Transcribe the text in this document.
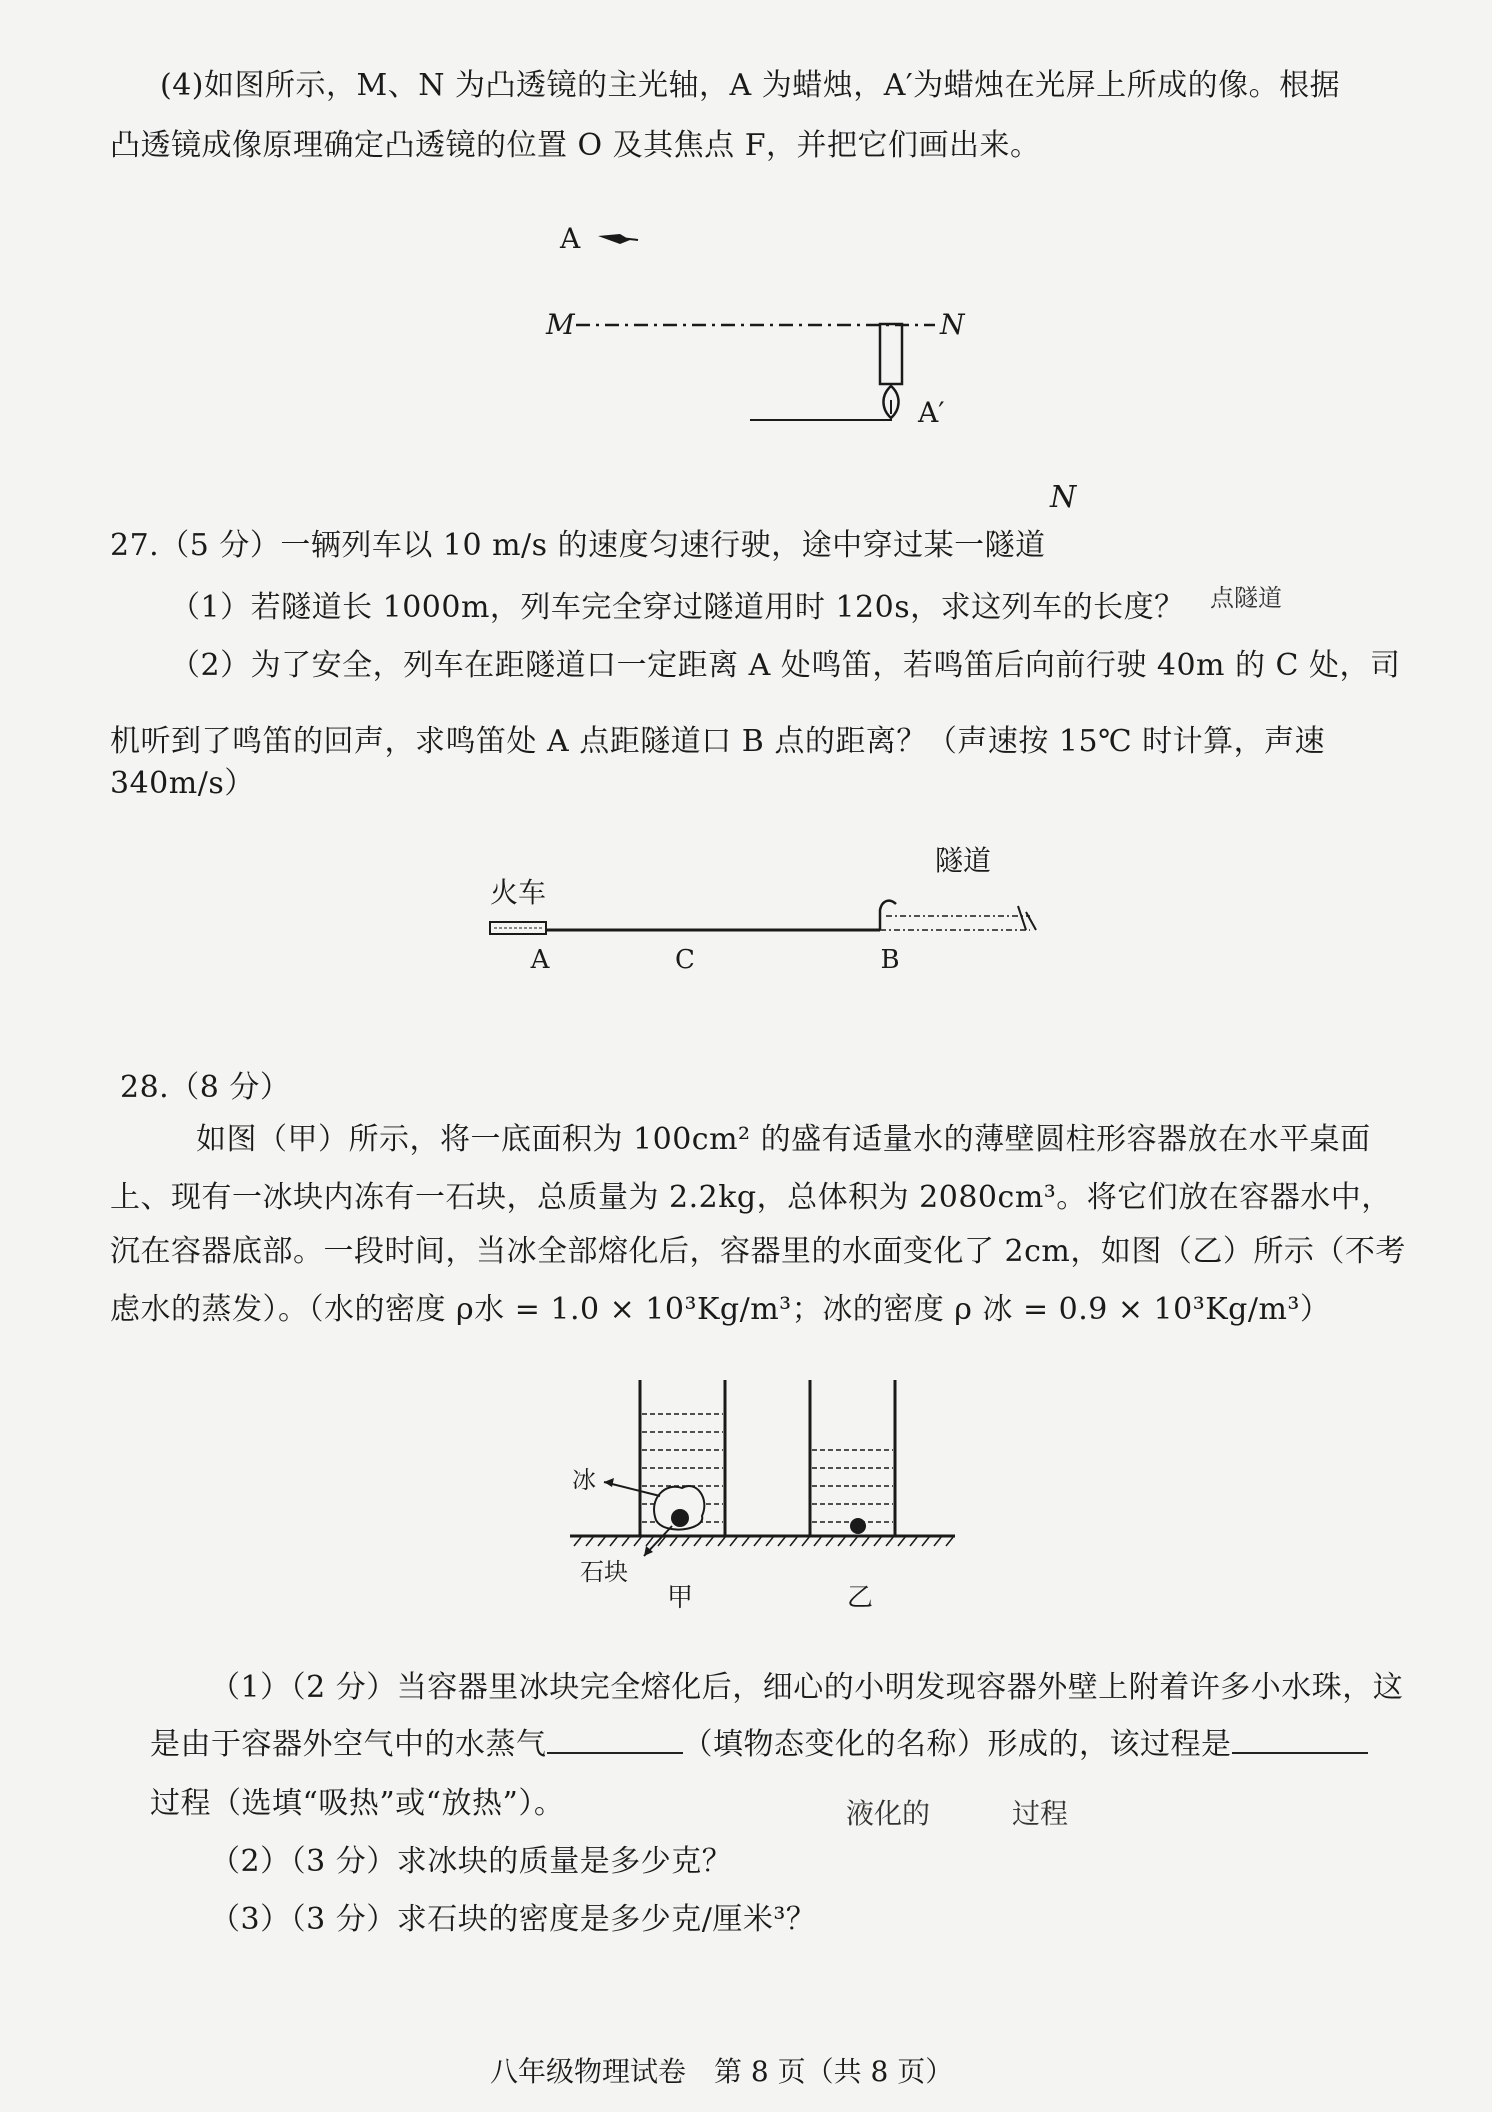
(4)如图所示，M、N 为凸透镜的主光轴，A 为蜡烛，A′为蜡烛在光屏上所成的像。根据
凸透镜成像原理确定凸透镜的位置 O 及其焦点 F，并把它们画出来。
A
M	N
A′
N
27.（5 分）一辆列车以 10 m/s 的速度匀速行驶，途中穿过某一隧道
（1）若隧道长 1000m，列车完全穿过隧道用时 120s，求这列车的长度？ 点隧道
（2）为了安全，列车在距隧道口一定距离 A 处鸣笛，若鸣笛后向前行驶 40m 的 C 处，司
机听到了鸣笛的回声，求鸣笛处 A 点距隧道口 B 点的距离？（声速按 15℃ 时计算，声速
340m/s）
火车
隧道
A	C	B
28.（8 分）
如图（甲）所示，将一底面积为 100cm² 的盛有适量水的薄壁圆柱形容器放在水平桌面
上、现有一冰块内冻有一石块，总质量为 2.2kg，总体积为 2080cm³。将它们放在容器水中，
沉在容器底部。一段时间，当冰全部熔化后，容器里的水面变化了 2cm，如图（乙）所示（不考
虑水的蒸发）。（水的密度 ρ水 = 1.0 × 10³Kg/m³；冰的密度 ρ 冰 = 0.9 × 10³Kg/m³）
冰
石块
甲	乙
（1）（2 分）当容器里冰块完全熔化后，细心的小明发现容器外壁上附着许多小水珠，这
是由于容器外空气中的水蒸气	（填物态变化的名称）形成的，该过程是
过程（选填“吸热”或“放热”）。	液化的	过程
（2）（3 分）求冰块的质量是多少克？
（3）（3 分）求石块的密度是多少克/厘米³？
八年级物理试卷　第 8 页（共 8 页）
